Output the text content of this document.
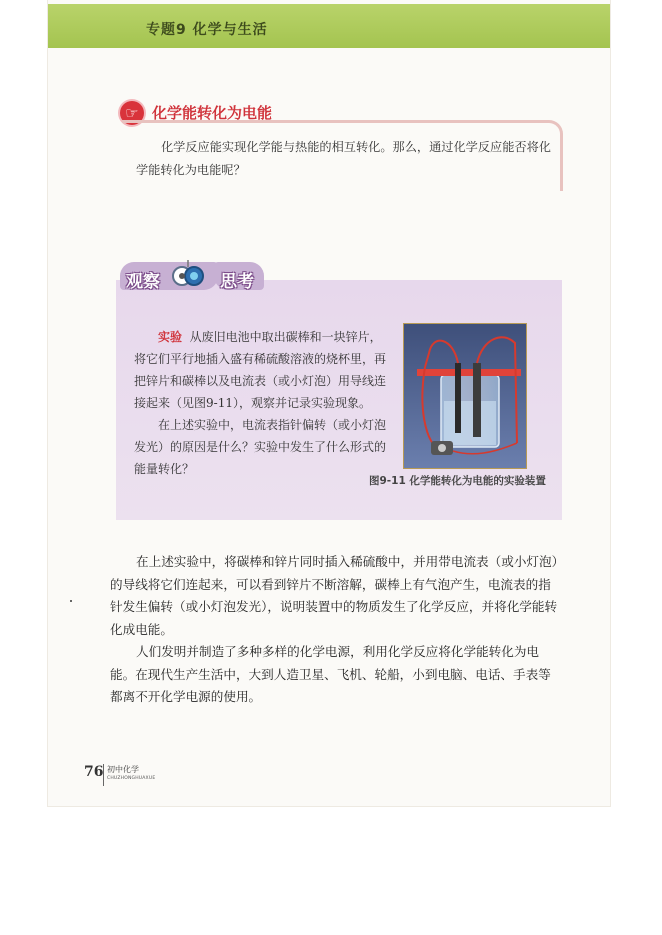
专题9 化学与生活
☞ 化学能转化为电能
化学反应能实现化学能与热能的相互转化。那么，通过化学反应能否将化学能转化为电能呢？
观察	思考

实验 从废旧电池中取出碳棒和一块锌片，将它们平行地插入盛有稀硫酸溶液的烧杯里，再把锌片和碳棒以及电流表（或小灯泡）用导线连接起来（见图9-11），观察并记录实验现象。

在上述实验中，电流表指针偏转（或小灯泡发光）的原因是什么？实验中发生了什么形式的能量转化？

图9-11 化学能转化为电能的实验装置

在上述实验中，将碳棒和锌片同时插入稀硫酸中，并用带电流表（或小灯泡）的导线将它们连起来，可以看到锌片不断溶解，碳棒上有气泡产生，电流表的指针发生偏转（或小灯泡发光），说明装置中的物质发生了化学反应，并将化学能转化成电能。

人们发明并制造了多种多样的化学电源，利用化学反应将化学能转化为电能。在现代生产生活中，大到人造卫星、飞机、轮船，小到电脑、电话、手表等都离不开化学电源的使用。

76 初中化学
CHUZHONGHUAXUE
